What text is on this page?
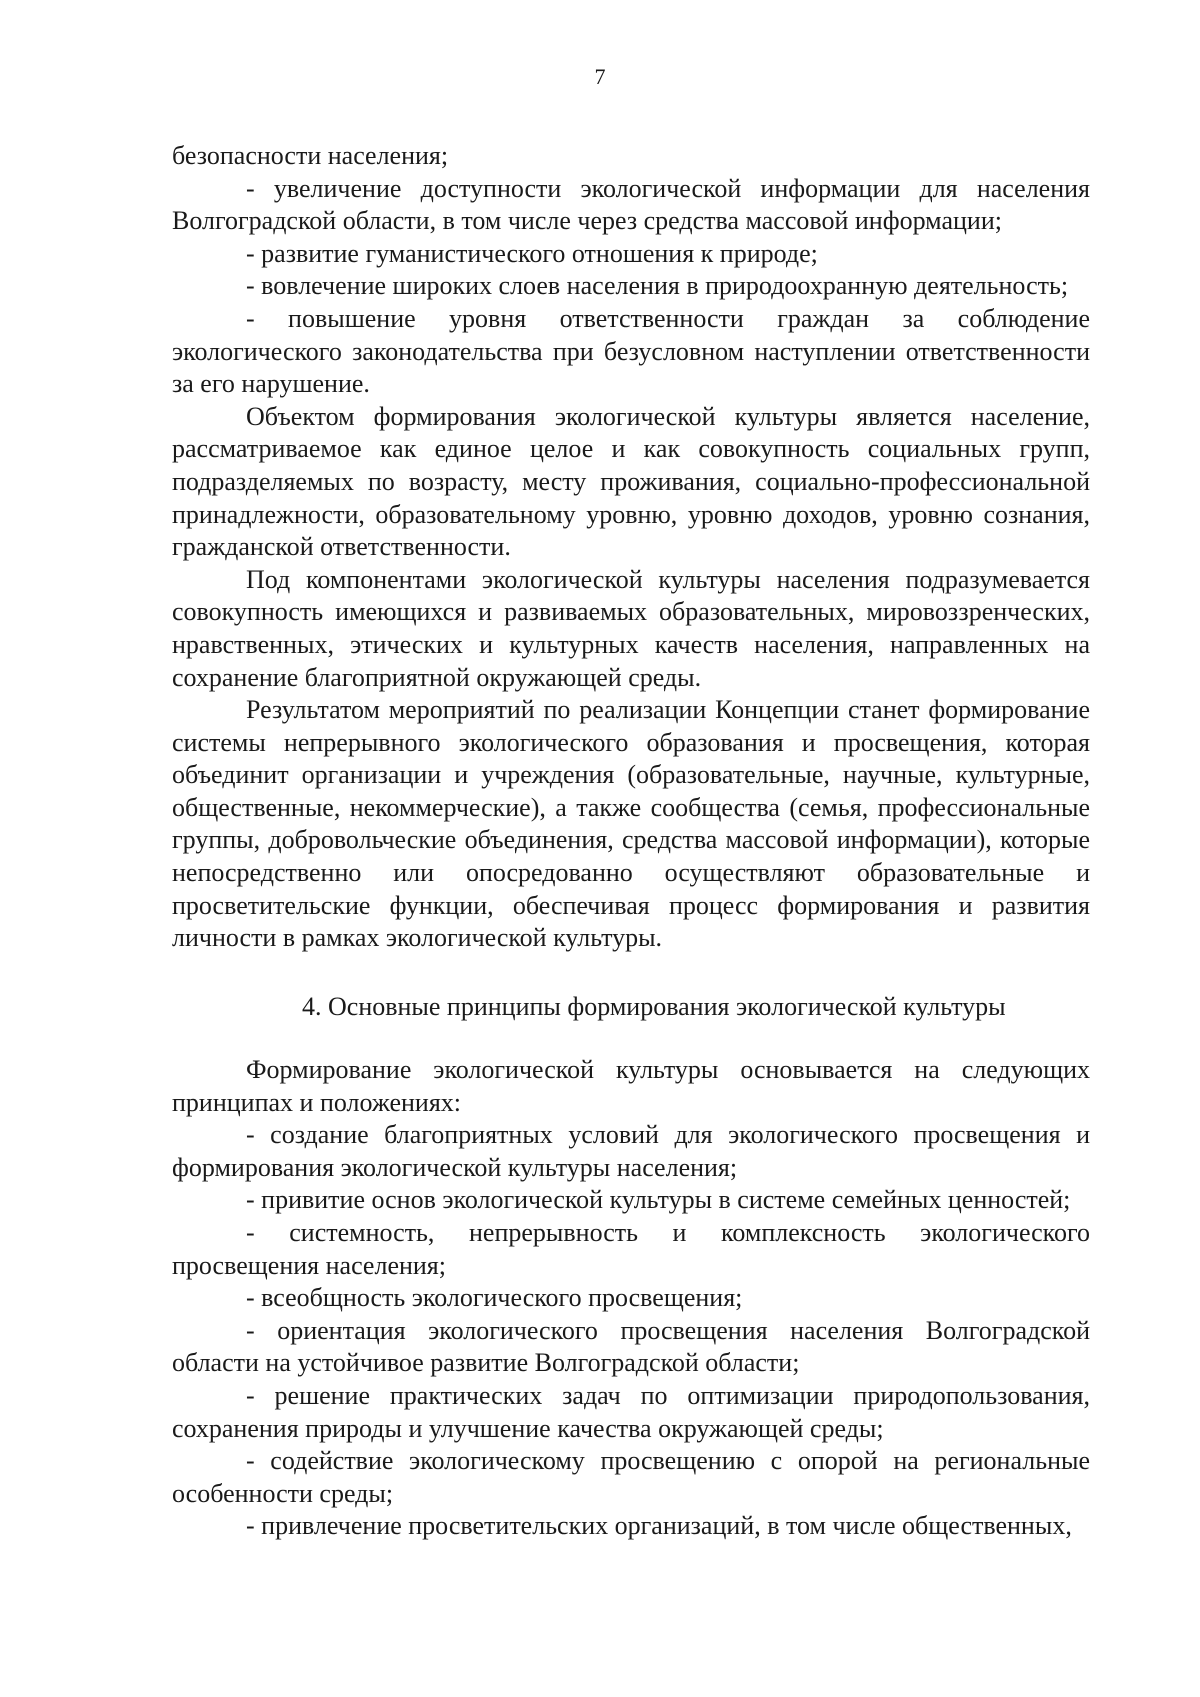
7

безопасности населения;

- увеличение доступности экологической информации для населения Волгоградской области, в том числе через средства массовой информации;

- развитие гуманистического отношения к природе;

- вовлечение широких слоев населения в природоохранную деятельность;

- повышение уровня ответственности граждан за соблюдение экологического законодательства при безусловном наступлении ответственности за его нарушение.

Объектом формирования экологической культуры является население, рассматриваемое как единое целое и как совокупность социальных групп, подразделяемых по возрасту, месту проживания, социально-профессиональной принадлежности, образовательному уровню, уровню доходов, уровню сознания, гражданской ответственности.

Под компонентами экологической культуры населения подразумевается совокупность имеющихся и развиваемых образовательных, мировоззренческих, нравственных, этических и культурных качеств населения, направленных на сохранение благоприятной окружающей среды.

Результатом мероприятий по реализации Концепции станет формирование системы непрерывного экологического образования и просвещения, которая объединит организации и учреждения (образовательные, научные, культурные, общественные, некоммерческие), а также сообщества (семья, профессиональные группы, добровольческие объединения, средства массовой информации), которые непосредственно или опосредованно осуществляют образовательные и просветительские функции, обеспечивая процесс формирования и развития личности в рамках экологической культуры.

4. Основные принципы формирования экологической культуры

Формирование экологической культуры основывается на следующих принципах и положениях:

- создание благоприятных условий для экологического просвещения и формирования экологической культуры населения;

- привитие основ экологической культуры в системе семейных ценностей;

- системность, непрерывность и комплексность экологического просвещения населения;

- всеобщность экологического просвещения;

- ориентация экологического просвещения населения Волгоградской области на устойчивое развитие Волгоградской области;

- решение практических задач по оптимизации природопользования, сохранения природы и улучшение качества окружающей среды;

- содействие экологическому просвещению с опорой на региональные особенности среды;

- привлечение просветительских организаций, в том числе общественных,
